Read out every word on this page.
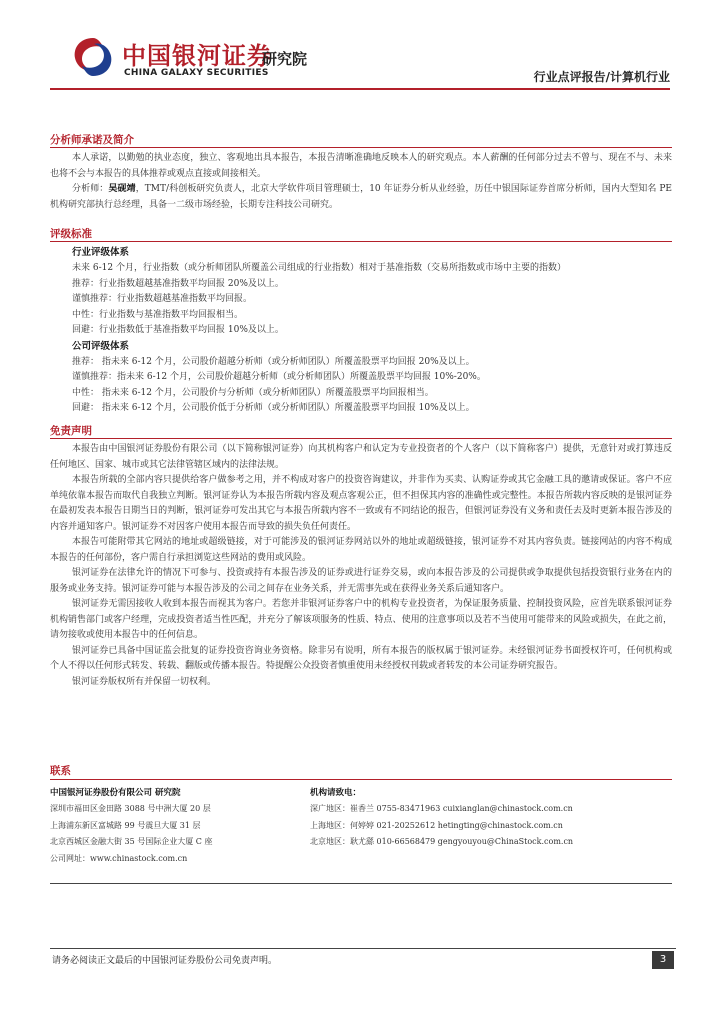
中国银河证券
CHINA GALAXY SECURITIES
研究院
行业点评报告/计算机行业
分析师承诺及简介
本人承诺，以勤勉的执业态度，独立、客观地出具本报告，本报告清晰准确地反映本人的研究观点。本人薪酬的任何部分过去不曾与、现在不与、未来也将不会与本报告的具体推荐或观点直接或间接相关。
分析师：吴砚靖，TMT/科创板研究负责人，北京大学软件项目管理硕士，10 年证券分析从业经验，历任中银国际证券首席分析师，国内大型知名 PE 机构研究部执行总经理，具备一二级市场经验，长期专注科技公司研究。
评级标准
行业评级体系
未来 6-12 个月，行业指数（或分析师团队所覆盖公司组成的行业指数）相对于基准指数（交易所指数或市场中主要的指数）
推荐：行业指数超越基准指数平均回报 20%及以上。
谨慎推荐：行业指数超越基准指数平均回报。
中性：行业指数与基准指数平均回报相当。
回避：行业指数低于基准指数平均回报 10%及以上。
公司评级体系
推荐： 指未来 6-12 个月，公司股价超越分析师（或分析师团队）所覆盖股票平均回报 20%及以上。
谨慎推荐：指未来 6-12 个月，公司股价超越分析师（或分析师团队）所覆盖股票平均回报 10%-20%。
中性： 指未来 6-12 个月，公司股价与分析师（或分析师团队）所覆盖股票平均回报相当。
回避： 指未来 6-12 个月，公司股价低于分析师（或分析师团队）所覆盖股票平均回报 10%及以上。
免责声明
本报告由中国银河证券股份有限公司（以下简称银河证券）向其机构客户和认定为专业投资者的个人客户（以下简称客户）提供，无意针对或打算违反任何地区、国家、城市或其它法律管辖区域内的法律法规。
本报告所载的全部内容只提供给客户做参考之用，并不构成对客户的投资咨询建议，并非作为买卖、认购证券或其它金融工具的邀请或保证。客户不应单纯依靠本报告而取代自我独立判断。银河证券认为本报告所载内容及观点客观公正，但不担保其内容的准确性或完整性。本报告所载内容反映的是银河证券在最初发表本报告日期当日的判断，银河证券可发出其它与本报告所载内容不一致或有不同结论的报告，但银河证券没有义务和责任去及时更新本报告涉及的内容并通知客户。银河证券不对因客户使用本报告而导致的损失负任何责任。
本报告可能附带其它网站的地址或超级链接，对于可能涉及的银河证券网站以外的地址或超级链接，银河证券不对其内容负责。链接网站的内容不构成本报告的任何部份，客户需自行承担浏览这些网站的费用或风险。
银河证券在法律允许的情况下可参与、投资或持有本报告涉及的证券或进行证券交易，或向本报告涉及的公司提供或争取提供包括投资银行业务在内的服务或业务支持。银河证券可能与本报告涉及的公司之间存在业务关系，并无需事先或在获得业务关系后通知客户。
银河证券无需因接收人收到本报告而视其为客户。若您并非银河证券客户中的机构专业投资者，为保证服务质量、控制投资风险，应首先联系银河证券机构销售部门或客户经理，完成投资者适当性匹配，并充分了解该项服务的性质、特点、使用的注意事项以及若不当使用可能带来的风险或损失，在此之前，请勿接收或使用本报告中的任何信息。
银河证券已具备中国证监会批复的证券投资咨询业务资格。除非另有说明，所有本报告的版权属于银河证券。未经银河证券书面授权许可，任何机构或个人不得以任何形式转发、转载、翻版或传播本报告。特提醒公众投资者慎重使用未经授权刊载或者转发的本公司证券研究报告。
银河证券版权所有并保留一切权利。
联系
中国银河证券股份有限公司 研究院
深圳市福田区金田路 3088 号中洲大厦 20 层
上海浦东新区富城路 99 号震旦大厦 31 层
北京西城区金融大街 35 号国际企业大厦 C 座
公司网址：www.chinastock.com.cn
机构请致电：
深广地区：崔香兰 0755-83471963 cuixianglan@chinastock.com.cn
上海地区：何婷婷 021-20252612 hetingting@chinastock.com.cn
北京地区：耿尤繇 010-66568479 gengyouyou@ChinaStock.com.cn
请务必阅读正文最后的中国银河证券股份公司免责声明。	3
